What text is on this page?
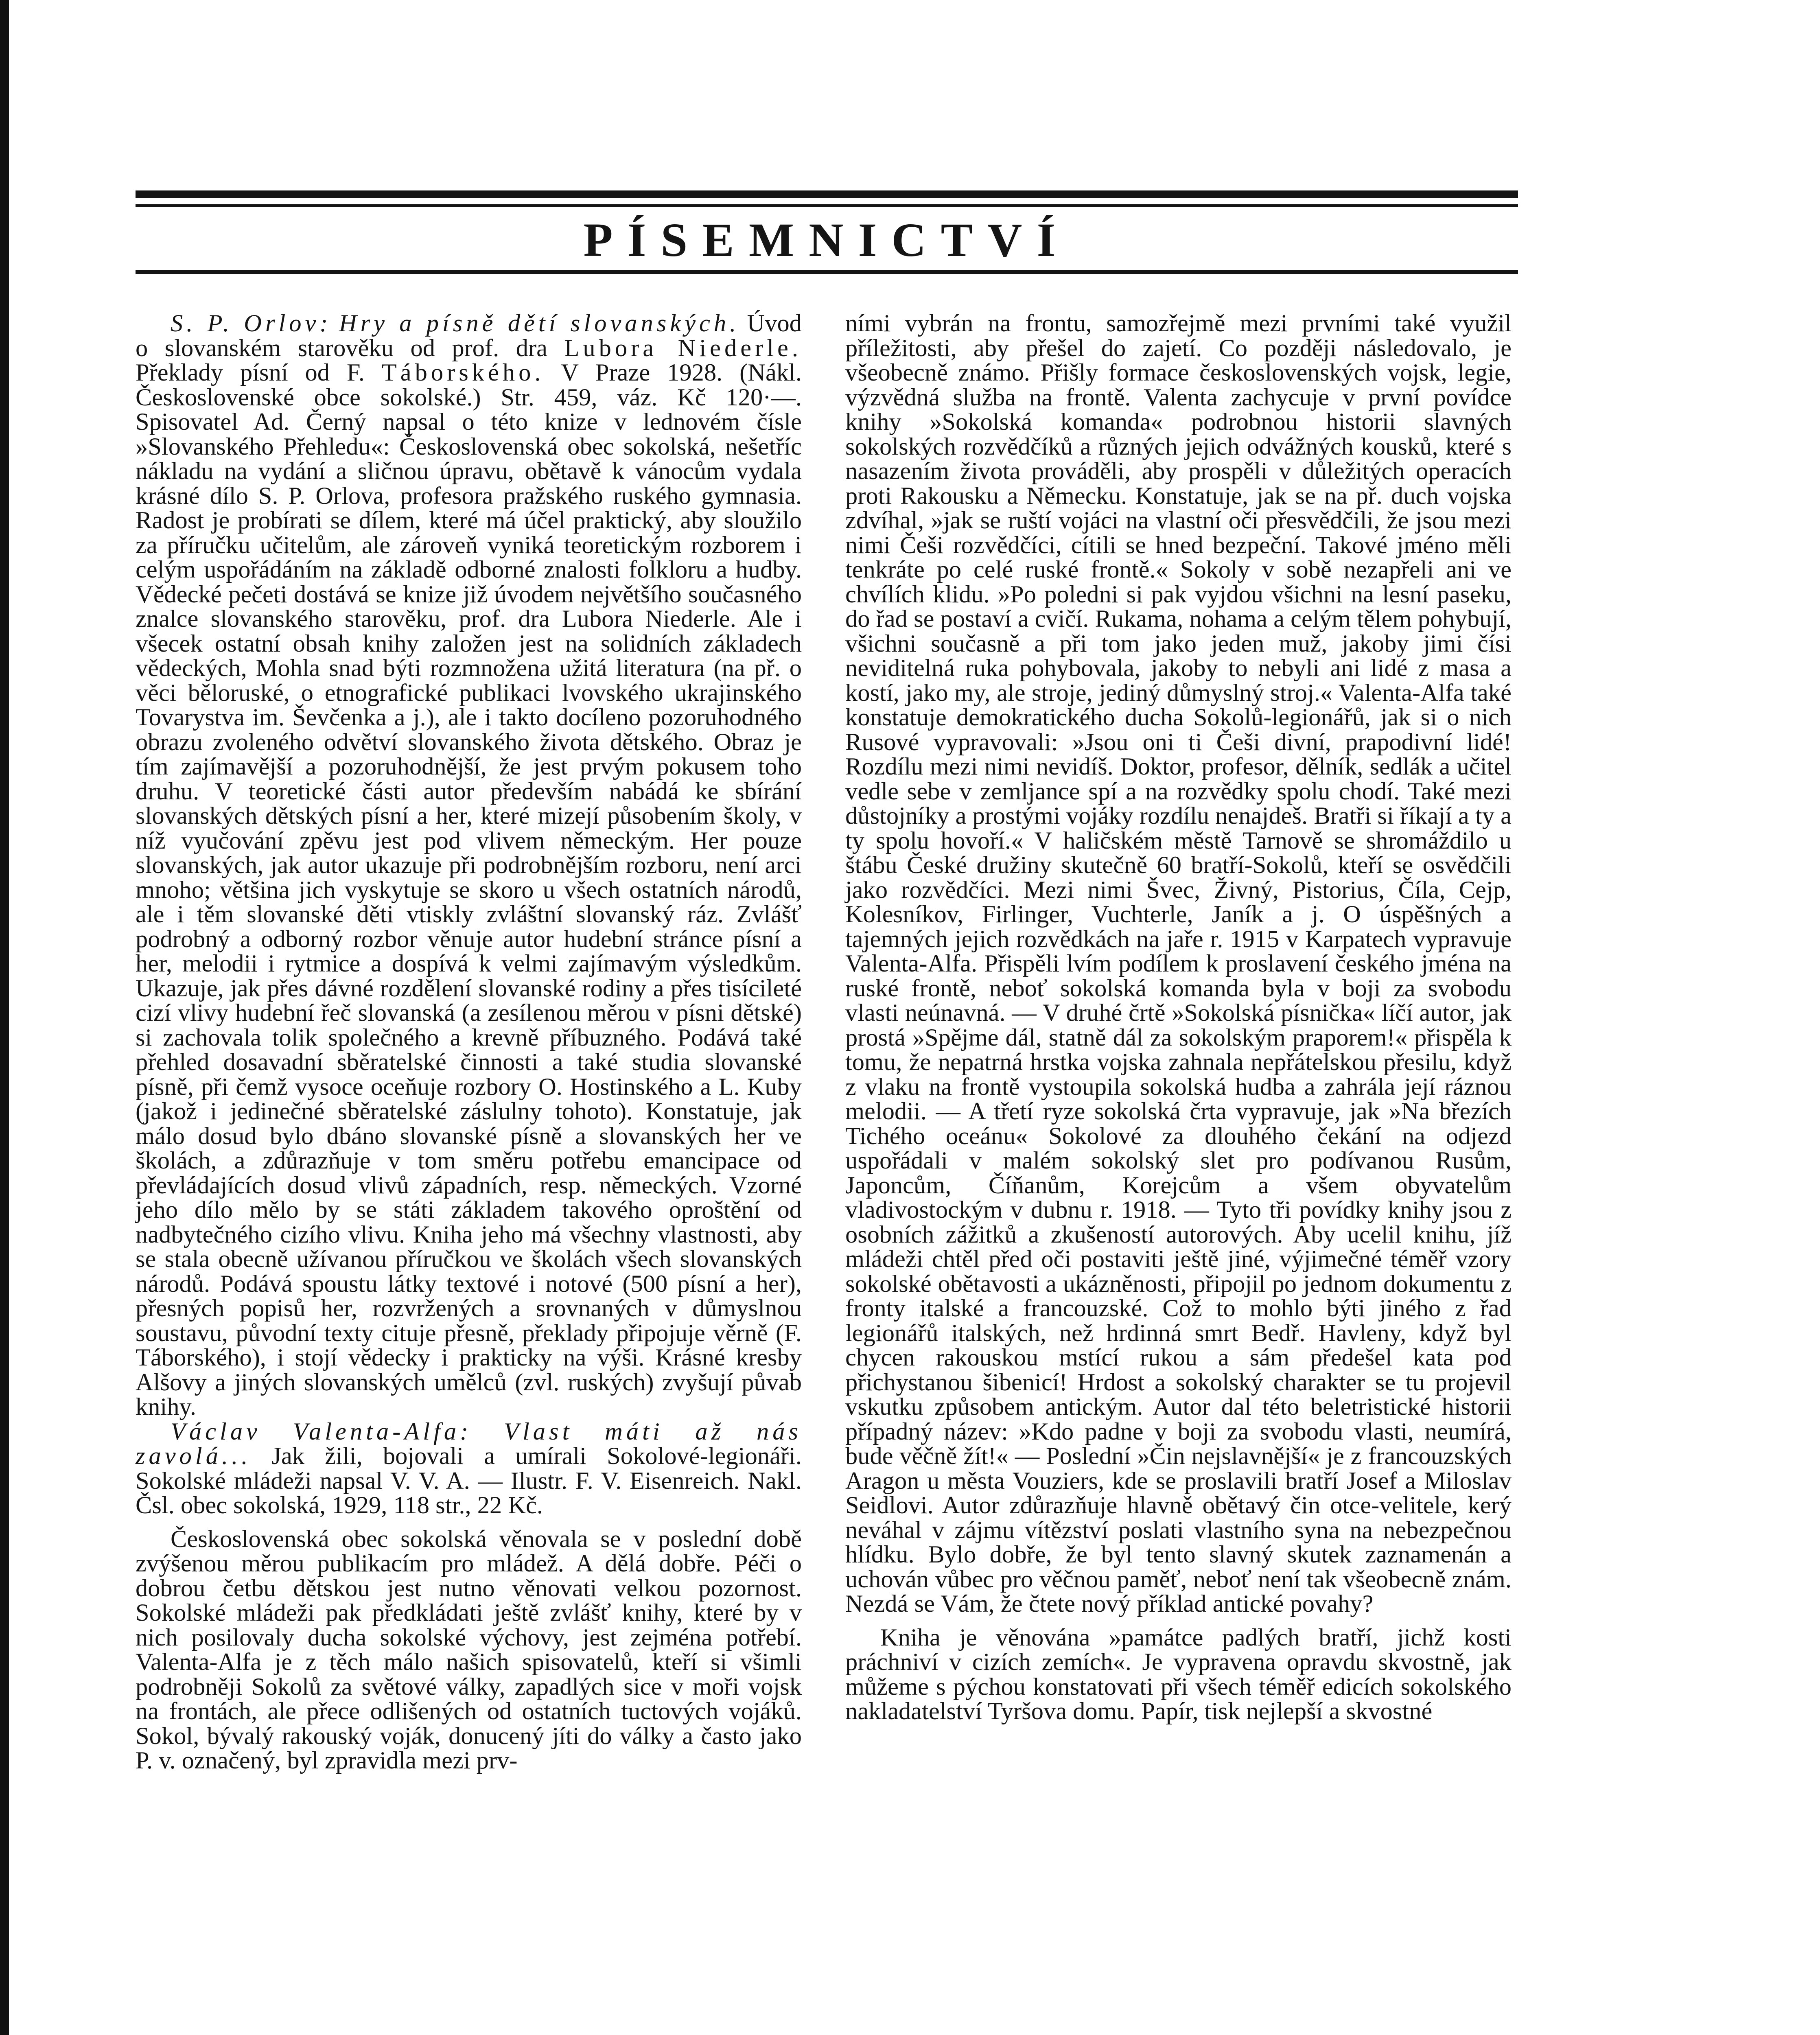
PÍSEMNICTVÍ

S. P. Orlov: Hry a písně dětí slovanských. Úvod o slovanském starověku od prof. dra Lubora Niederle. Překlady písní od F. Táborského. V Praze 1928. (Nákl. Československé obce sokolské.) Str. 459, váz. Kč 120·—. Spisovatel Ad. Černý napsal o této knize v lednovém čísle »Slovanského Přehledu«: Československá obec sokolská, nešetříc nákladu na vydání a sličnou úpravu, obětavě k vánocům vydala krásné dílo S. P. Orlova, profesora pražského ruského gymnasia. Radost je probírati se dílem, které má účel praktický, aby sloužilo za příručku učitelům, ale zároveň vyniká teoretickým rozborem i celým uspořádáním na základě odborné znalosti folkloru a hudby. Vědecké pečeti dostává se knize již úvodem největšího současného znalce slovanského starověku, prof. dra Lubora Niederle. Ale i všecek ostatní obsah knihy založen jest na solidních základech vědeckých, Mohla snad býti rozmnožena užitá literatura (na př. o věci běloruské, o etnografické publikaci lvovského ukrajinského Tovarystva im. Ševčenka a j.), ale i takto docíleno pozoruhodného obrazu zvoleného odvětví slovanského života dětského. Obraz je tím zajímavější a pozoruhodnější, že jest prvým pokusem toho druhu. V teoretické části autor především nabádá ke sbírání slovanských dětských písní a her, které mizejí působením školy, v níž vyučování zpěvu jest pod vlivem německým. Her pouze slovanských, jak autor ukazuje při podrobnějším rozboru, není arci mnoho; většina jich vyskytuje se skoro u všech ostatních národů, ale i těm slovanské děti vtiskly zvláštní slovanský ráz. Zvlášť podrobný a odborný rozbor věnuje autor hudební stránce písní a her, melodii i rytmice a dospívá k velmi zajímavým výsledkům. Ukazuje, jak přes dávné rozdělení slovanské rodiny a přes tisícileté cizí vlivy hudební řeč slovanská (a zesílenou měrou v písni dětské) si zachovala tolik společného a krevně příbuzného. Podává také přehled dosavadní sběratelské činnosti a také studia slovanské písně, při čemž vysoce oceňuje rozbory O. Hostinského a L. Kuby (jakož i jedinečné sběratelské záslulny tohoto). Konstatuje, jak málo dosud bylo dbáno slovanské písně a slovanských her ve školách, a zdůrazňuje v tom směru potřebu emancipace od převládajících dosud vlivů západních, resp. německých. Vzorné jeho dílo mělo by se státi základem takového oproštění od nadbytečného cizího vlivu. Kniha jeho má všechny vlastnosti, aby se stala obecně užívanou příručkou ve školách všech slovanských národů. Podává spoustu látky textové i notové (500 písní a her), přesných popisů her, rozvržených a srovnaných v důmyslnou soustavu, původní texty cituje přesně, překlady připojuje věrně (F. Táborského), i stojí vědecky i prakticky na výši. Krásné kresby Alšovy a jiných slovanských umělců (zvl. ruských) zvyšují půvab knihy.

Václav Valenta-Alfa: Vlast máti až nás zavolá... Jak žili, bojovali a umírali Sokolové-legionáři. Sokolské mládeži napsal V. V. A. — Ilustr. F. V. Eisenreich. Nakl. Čsl. obec sokolská, 1929, 118 str., 22 Kč.

Československá obec sokolská věnovala se v poslední době zvýšenou měrou publikacím pro mládež. A dělá dobře. Péči o dobrou četbu dětskou jest nutno věnovati velkou pozornost. Sokolské mládeži pak předkládati ještě zvlášť knihy, které by v nich posilovaly ducha sokolské výchovy, jest zejména potřebí. Valenta-Alfa je z těch málo našich spisovatelů, kteří si všimli podrobněji Sokolů za světové války, zapadlých sice v moři vojsk na frontách, ale přece odlišených od ostatních tuctových vojáků. Sokol, bývalý rakouský voják, donucený jíti do války a často jako P. v. označený, byl zpravidla mezi prv-

ními vybrán na frontu, samozřejmě mezi prvními také využil příležitosti, aby přešel do zajetí. Co později následovalo, je všeobecně známo. Přišly formace československých vojsk, legie, výzvědná služba na frontě. Valenta zachycuje v první povídce knihy »Sokolská komanda« podrobnou historii slavných sokolských rozvědčíků a různých jejich odvážných kousků, které s nasazením života prováděli, aby prospěli v důležitých operacích proti Rakousku a Německu. Konstatuje, jak se na př. duch vojska zdvíhal, »jak se ruští vojáci na vlastní oči přesvědčili, že jsou mezi nimi Češi rozvědčíci, cítili se hned bezpeční. Takové jméno měli tenkráte po celé ruské frontě.« Sokoly v sobě nezapřeli ani ve chvílích klidu. »Po poledni si pak vyjdou všichni na lesní paseku, do řad se postaví a cvičí. Rukama, nohama a celým tělem pohybují, všichni současně a při tom jako jeden muž, jakoby jimi čísi neviditelná ruka pohybovala, jakoby to nebyli ani lidé z masa a kostí, jako my, ale stroje, jediný důmyslný stroj.« Valenta-Alfa také konstatuje demokratického ducha Sokolů-legionářů, jak si o nich Rusové vypravovali: »Jsou oni ti Češi divní, prapodivní lidé! Rozdílu mezi nimi nevidíš. Doktor, profesor, dělník, sedlák a učitel vedle sebe v zemljance spí a na rozvědky spolu chodí. Také mezi důstojníky a prostými vojáky rozdílu nenajdeš. Bratři si říkají a ty a ty spolu hovoří.« V haličském městě Tarnově se shromáždilo u štábu České družiny skutečně 60 bratří-Sokolů, kteří se osvědčili jako rozvědčíci. Mezi nimi Švec, Živný, Pistorius, Číla, Cejp, Kolesníkov, Firlinger, Vuchterle, Janík a j. O úspěšných a tajemných jejich rozvědkách na jaře r. 1915 v Karpatech vypravuje Valenta-Alfa. Přispěli lvím podílem k proslavení českého jména na ruské frontě, neboť sokolská komanda byla v boji za svobodu vlasti neúnavná. — V druhé črtě »Sokolská písnička« líčí autor, jak prostá »Spějme dál, statně dál za sokolským praporem!« přispěla k tomu, že nepatrná hrstka vojska zahnala nepřátelskou přesilu, když z vlaku na frontě vystoupila sokolská hudba a zahrála její ráznou melodii. — A třetí ryze sokolská črta vypravuje, jak »Na březích Tichého oceánu« Sokolové za dlouhého čekání na odjezd uspořádali v malém sokolský slet pro podívanou Rusům, Japoncům, Číňanům, Korejcům a všem obyvatelům vladivostockým v dubnu r. 1918. — Tyto tři povídky knihy jsou z osobních zážitků a zkušeností autorových. Aby ucelil knihu, jíž mládeži chtěl před oči postaviti ještě jiné, výjimečné téměř vzory sokolské obětavosti a ukázněnosti, připojil po jednom dokumentu z fronty italské a francouzské. Což to mohlo býti jiného z řad legionářů italských, než hrdinná smrt Bedř. Havleny, když byl chycen rakouskou mstící rukou a sám předešel kata pod přichystanou šibenicí! Hrdost a sokolský charakter se tu projevil vskutku způsobem antickým. Autor dal této beletristické historii případný název: »Kdo padne v boji za svobodu vlasti, neumírá, bude věčně žít!« — Poslední »Čin nejslavnější« je z francouzských Aragon u města Vouziers, kde se proslavili bratří Josef a Miloslav Seidlovi. Autor zdůrazňuje hlavně obětavý čin otce-velitele, kerý neváhal v zájmu vítězství poslati vlastního syna na nebezpečnou hlídku. Bylo dobře, že byl tento slavný skutek zaznamenán a uchován vůbec pro věčnou paměť, neboť není tak všeobecně znám. Nezdá se Vám, že čtete nový příklad antické povahy?

Kniha je věnována »památce padlých bratří, jichž kosti práchniví v cizích zemích«. Je vypravena opravdu skvostně, jak můžeme s pýchou konstatovati při všech téměř edicích sokolského nakladatelství Tyršova domu. Papír, tisk nejlepší a skvostné
